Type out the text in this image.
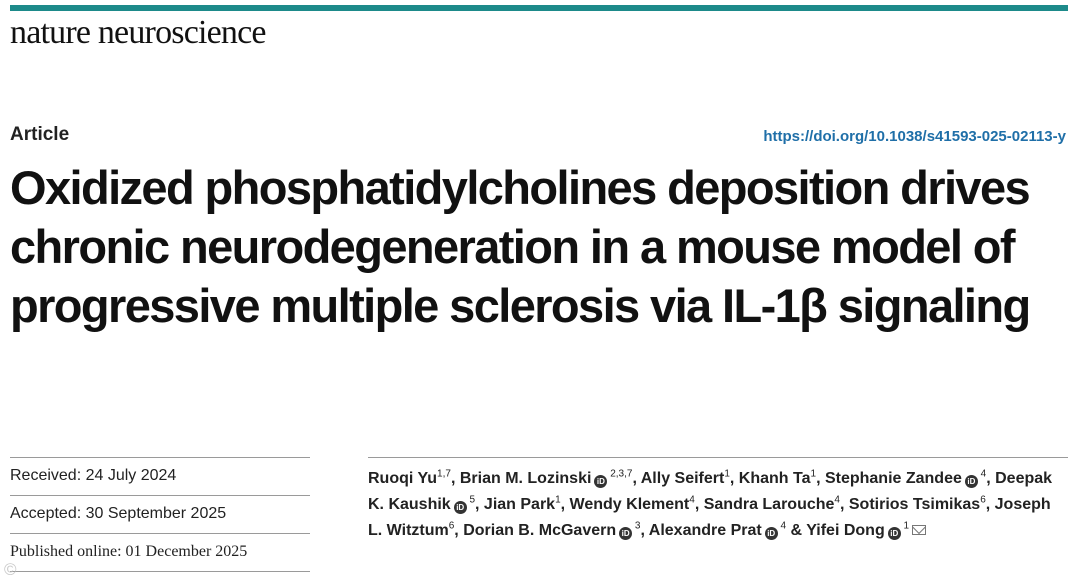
nature neuroscience
Article	https://doi.org/10.1038/s41593-025-02113-y
Oxidized phosphatidylcholines deposition drives chronic neurodegeneration in a mouse model of progressive multiple sclerosis via IL-1β signaling
Received: 24 July 2024
Accepted: 30 September 2025
Published online: 01 December 2025
Ruoqi Yu$^{1,7}$, Brian M. Lozinski iD $^{2,3,7}$, Ally Seifert$^1$, Khanh Ta$^1$, Stephanie Zandee iD $^4$, Deepak K. Kaushik iD $^5$, Jian Park$^1$, Wendy Klement$^4$, Sandra Larouche$^4$, Sotirios Tsimikas$^6$, Joseph L. Witztum$^6$, Dorian B. McGavern iD $^3$, Alexandre Prat iD $^4$ & Yifei Dong iD $^1$
©
